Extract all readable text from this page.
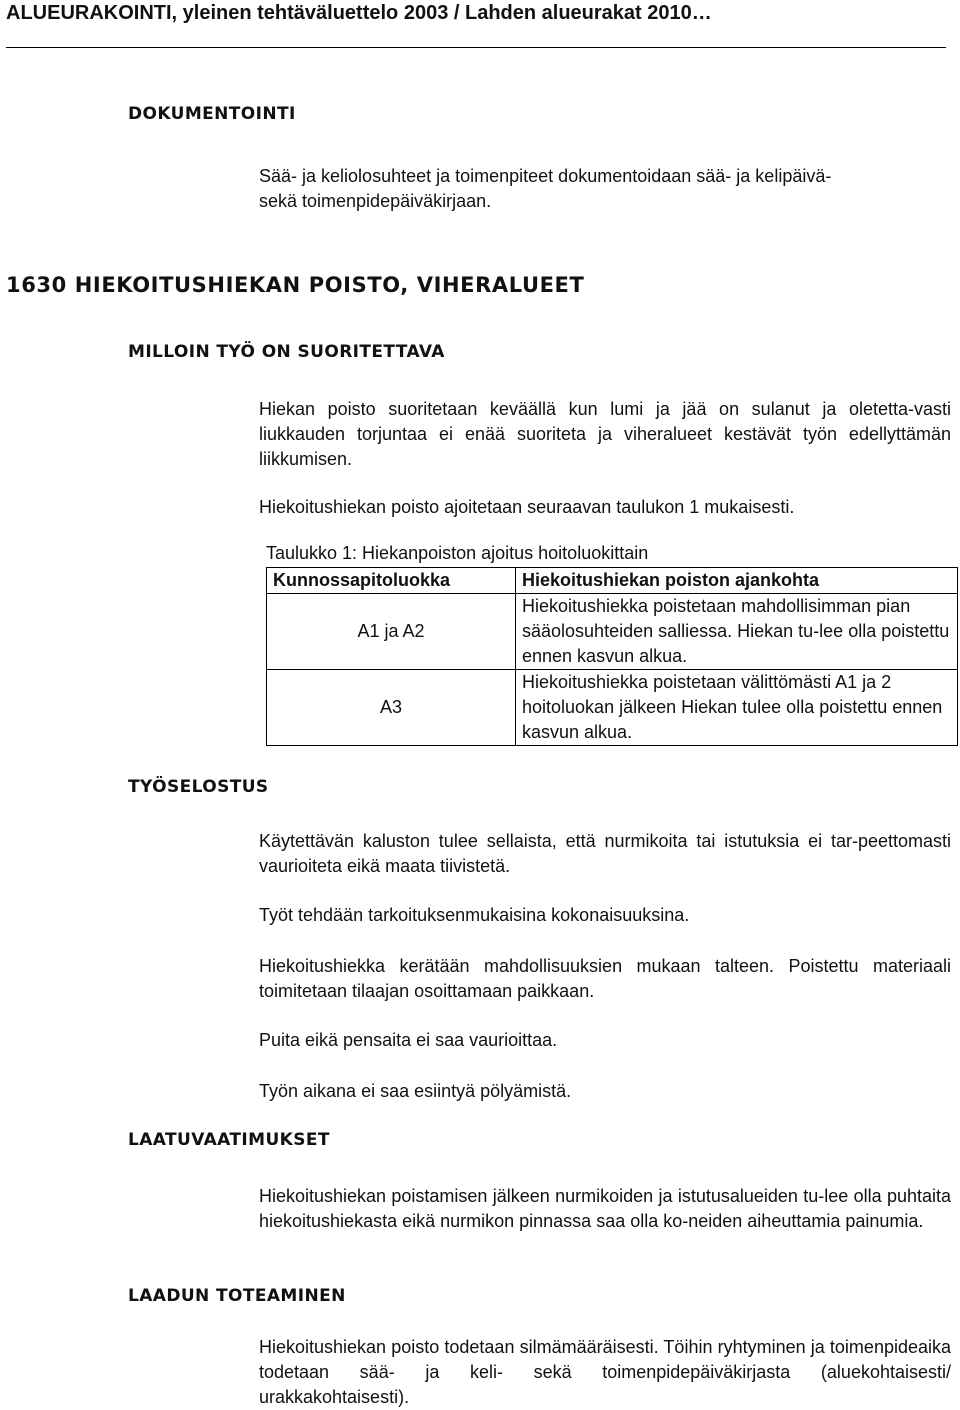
ALUEURAKOINTI, yleinen tehtäväluettelo 2003 / Lahden alueurakat 2010…
DOKUMENTOINTI
Sää- ja keliolosuhteet ja toimenpiteet dokumentoidaan sää- ja kelipäivä-sekä toimenpidepäiväkirjaan.
1630 HIEKOITUSHIEKAN POISTO, VIHERALUEET
MILLOIN TYÖ ON SUORITETTAVA
Hiekan poisto suoritetaan keväällä kun lumi ja jää on sulanut ja oletetta-vasti liukkauden torjuntaa ei enää suoriteta ja viheralueet kestävät työn edellyttämän liikkumisen.
Hiekoitushiekan poisto ajoitetaan seuraavan taulukon 1 mukaisesti.
Taulukko 1: Hiekanpoiston ajoitus hoitoluokittain
Kunnossapitoluokka	Hiekoitushiekan poiston ajankohta
A1 ja A2	Hiekoitushiekka poistetaan mahdollisimman pian sääolosuhteiden salliessa. Hiekan tu-lee olla poistettu ennen kasvun alkua.
A3	Hiekoitushiekka poistetaan välittömästi A1 ja 2 hoitoluokan jälkeen Hiekan tulee olla poistettu ennen kasvun alkua.
TYÖSELOSTUS
Käytettävän kaluston tulee sellaista, että nurmikoita tai istutuksia ei tar-peettomasti vaurioiteta eikä maata tiivistetä.
Työt tehdään tarkoituksenmukaisina kokonaisuuksina.
Hiekoitushiekka kerätään mahdollisuuksien mukaan talteen. Poistettu materiaali toimitetaan tilaajan osoittamaan paikkaan.
Puita eikä pensaita ei saa vaurioittaa.
Työn aikana ei saa esiintyä pölyämistä.
LAATUVAATIMUKSET
Hiekoitushiekan poistamisen jälkeen nurmikoiden ja istutusalueiden tu-lee olla puhtaita hiekoitushiekasta eikä nurmikon pinnassa saa olla ko-neiden aiheuttamia painumia.
LAADUN TOTEAMINEN
Hiekoitushiekan poisto todetaan silmämääräisesti. Töihin ryhtyminen ja toimenpideaika todetaan sää- ja keli- sekä toimenpidepäiväkirjasta (aluekohtaisesti/ urakkakohtaisesti).
